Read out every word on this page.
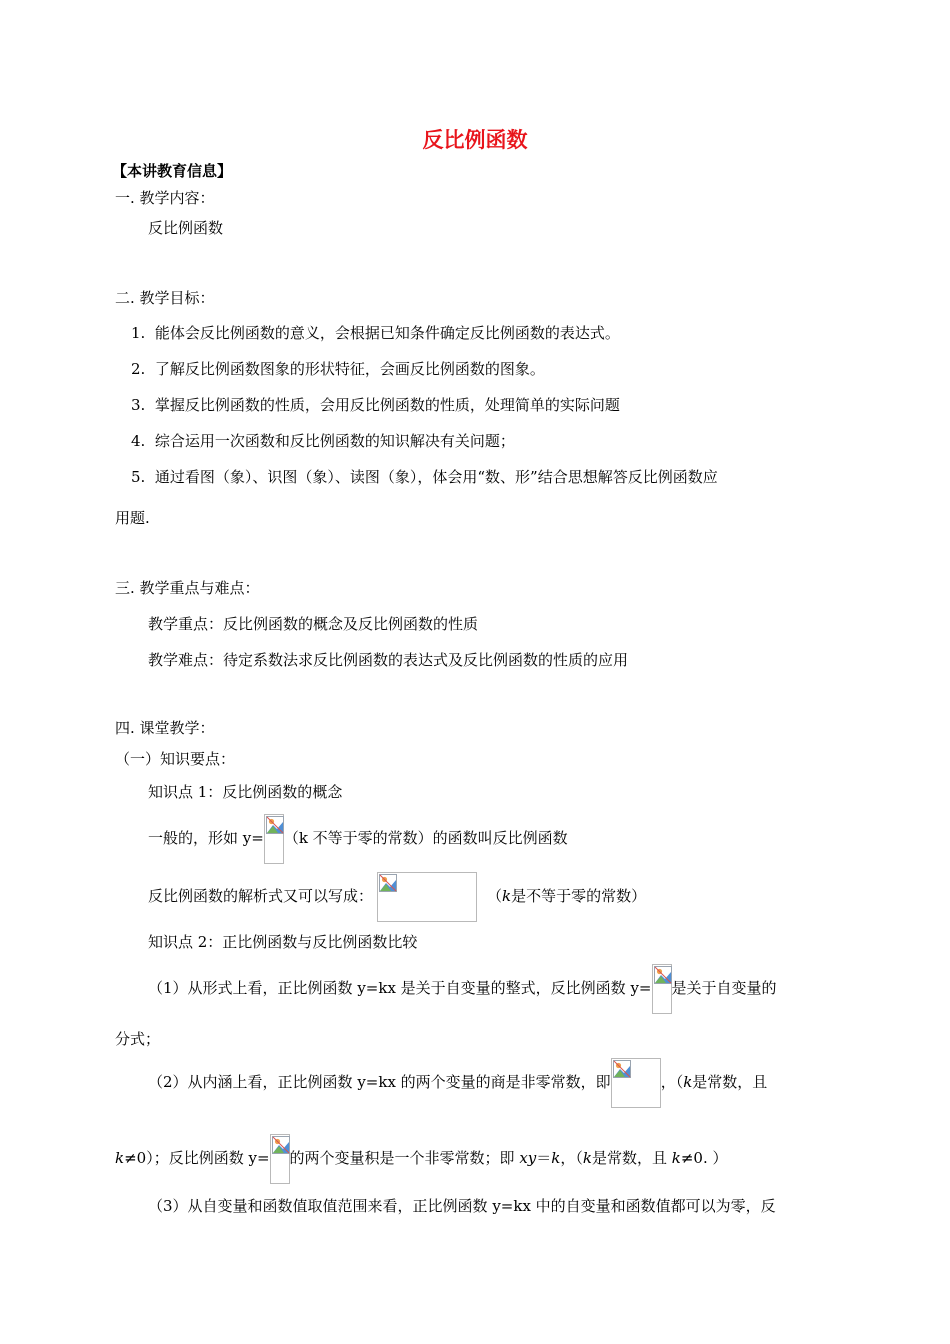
反比例函数
【本讲教育信息】
一. 教学内容：
反比例函数
二. 教学目标：
1. 能体会反比例函数的意义，会根据已知条件确定反比例函数的表达式。
2. 了解反比例函数图象的形状特征，会画反比例函数的图象。
3. 掌握反比例函数的性质，会用反比例函数的性质，处理简单的实际问题
4. 综合运用一次函数和反比例函数的知识解决有关问题；
5. 通过看图（象）、识图（象）、读图（象），体会用“数、形”结合思想解答反比例函数应
用题.
三. 教学重点与难点：
教学重点：反比例函数的概念及反比例函数的性质
教学难点：待定系数法求反比例函数的表达式及反比例函数的性质的应用
四. 课堂教学：
（一）知识要点：
知识点 1：反比例函数的概念
一般的，形如 y= （k 不等于零的常数）的函数叫反比例函数
反比例函数的解析式又可以写成：	（k是不等于零的常数）
知识点 2：正比例函数与反比例函数比较
（1）从形式上看，正比例函数 y=kx 是关于自变量的整式，反比例函数 y= 是关于自变量的
分式；
（2）从内涵上看，正比例函数 y=kx 的两个变量的商是非零常数，即	，（k是常数，且
k≠0）；反比例函数 y= 的两个变量积是一个非零常数；即 xy＝k，（k是常数，且 k≠0. ）
（3）从自变量和函数值取值范围来看，正比例函数 y=kx 中的自变量和函数值都可以为零，反
